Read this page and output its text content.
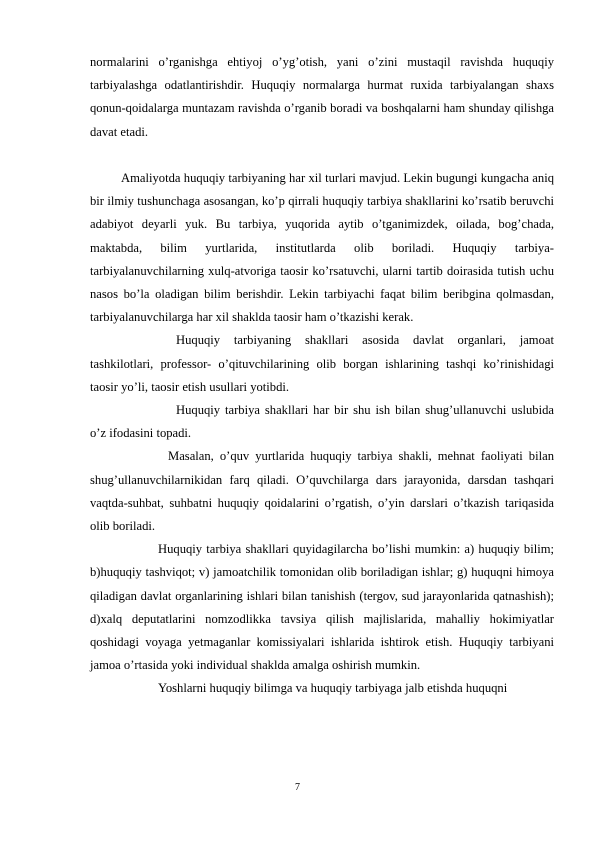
normalarini o’rganishga ehtiyoj o’yg’otish, yani o’zini mustaqil ravishda huquqiy tarbiyalashga odatlantirishdir. Huquqiy normalarga hurmat ruxida tarbiyalangan shaxs qonun-qoidalarga muntazam ravishda o’rganib boradi va boshqalarni ham shunday qilishga davat etadi.

Amaliyotda huquqiy tarbiyaning har xil turlari mavjud. Lekin bugungi kungacha aniq bir ilmiy tushunchaga asosangan, ko’p qirrali huquqiy tarbiya shakllarini ko’rsatib beruvchi adabiyot deyarli yuk. Bu tarbiya, yuqorida aytib o’tganimizdek, oilada, bog’chada, maktabda, bilim yurtlarida, institutlarda olib boriladi. Huquqiy tarbiya- tarbiyalanuvchilarning xulq-atvoriga taosir ko’rsatuvchi, ularni tartib doirasida tutish uchu nasos bo’la oladigan bilim berishdir. Lekin tarbiyachi faqat bilim beribgina qolmasdan, tarbiyalanuvchilarga har xil shaklda taosir ham o’tkazishi kerak.

Huquqiy tarbiyaning shakllari asosida davlat organlari, jamoat tashkilotlari, professor- o’qituvchilarining olib borgan ishlarining tashqi ko’rinishidagi taosir yo’li, taosir etish usullari yotibdi.

Huquqiy tarbiya shakllari har bir shu ish bilan shug’ullanuvchi uslubida o’z ifodasini topadi.

Masalan, o’quv yurtlarida huquqiy tarbiya shakli, mehnat faoliyati bilan shug’ullanuvchilarnikidan farq qiladi. O’quvchilarga dars jarayonida, darsdan tashqari vaqtda-suhbat, suhbatni huquqiy qoidalarini o’rgatish, o’yin darslari o’tkazish tariqasida olib boriladi.

Huquqiy tarbiya shakllari quyidagilarcha bo’lishi mumkin: a) huquqiy bilim; b)huquqiy tashviqot; v) jamoatchilik tomonidan olib boriladigan ishlar; g) huquqni himoya qiladigan davlat organlarining ishlari bilan tanishish (tergov, sud jarayonlarida qatnashish); d)xalq deputatlarini nomzodlikka tavsiya qilish majlislarida, mahalliy hokimiyatlar qoshidagi voyaga yetmaganlar komissiyalari ishlarida ishtirok etish. Huquqiy tarbiyani jamoa o’rtasida yoki individual shaklda amalga oshirish mumkin.

Yoshlarni huquqiy bilimga va huquqiy tarbiyaga jalb etishda huquqni

7
